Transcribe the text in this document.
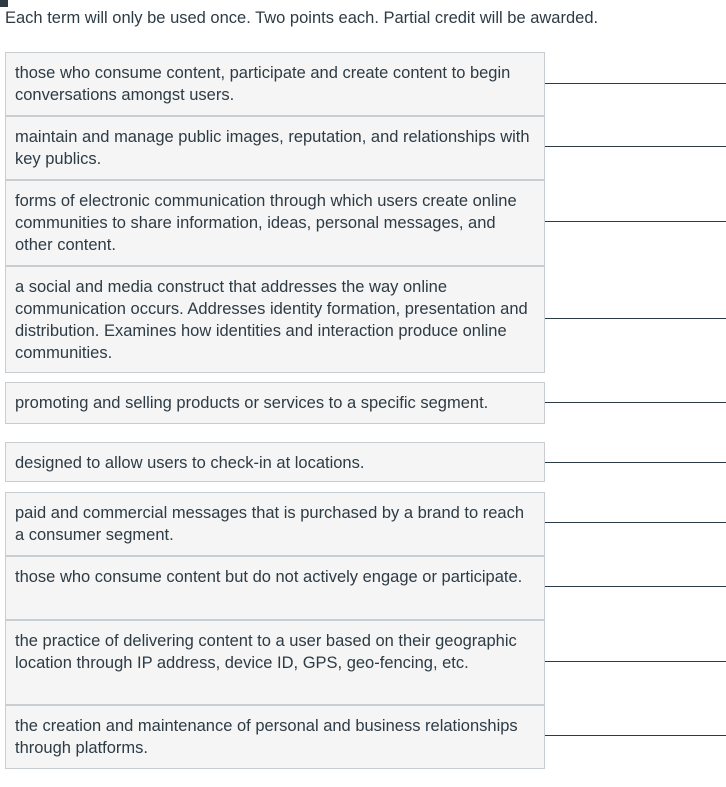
Each term will only be used once. Two points each. Partial credit will be awarded.
those who consume content, participate and create content to begin conversations amongst users.
maintain and manage public images, reputation, and relationships with key publics.
forms of electronic communication through which users create online communities to share information, ideas, personal messages, and other content.
a social and media construct that addresses the way online communication occurs. Addresses identity formation, presentation and distribution. Examines how identities and interaction produce online communities.
promoting and selling products or services to a specific segment.
designed to allow users to check-in at locations.
paid and commercial messages that is purchased by a brand to reach a consumer segment.
those who consume content but do not actively engage or participate.
the practice of delivering content to a user based on their geographic location through IP address, device ID, GPS, geo-fencing, etc.
the creation and maintenance of personal and business relationships through platforms.
